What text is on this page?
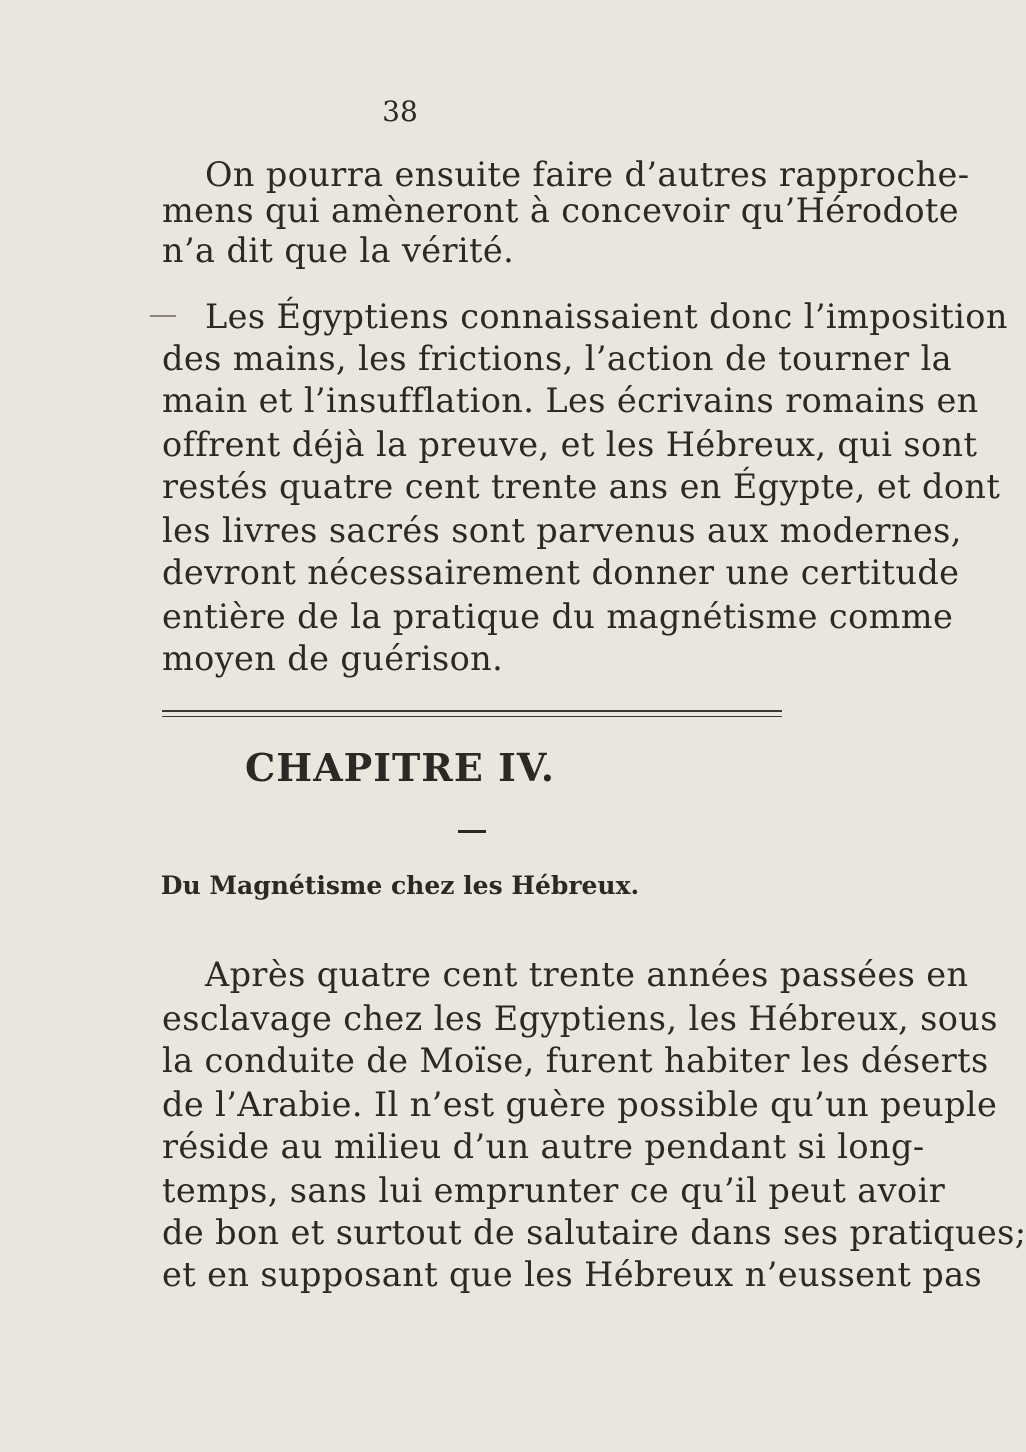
38
On pourra ensuite faire d’autres rapproche-
mens qui amèneront à concevoir qu’Hérodote
n’a dit que la vérité.
Les Égyptiens connaissaient donc l’imposition
des mains, les frictions, l’action de tourner la
main et l’insufflation. Les écrivains romains en
offrent déjà la preuve, et les Hébreux, qui sont
restés quatre cent trente ans en Égypte, et dont
les livres sacrés sont parvenus aux modernes,
devront nécessairement donner une certitude
entière de la pratique du magnétisme comme
moyen de guérison.
CHAPITRE IV.
Du Magnétisme chez les Hébreux.
Après quatre cent trente années passées en
esclavage chez les Egyptiens, les Hébreux, sous
la conduite de Moïse, furent habiter les déserts
de l’Arabie. Il n’est guère possible qu’un peuple
réside au milieu d’un autre pendant si long-
temps, sans lui emprunter ce qu’il peut avoir
de bon et surtout de salutaire dans ses pratiques;
et en supposant que les Hébreux n’eussent pas
